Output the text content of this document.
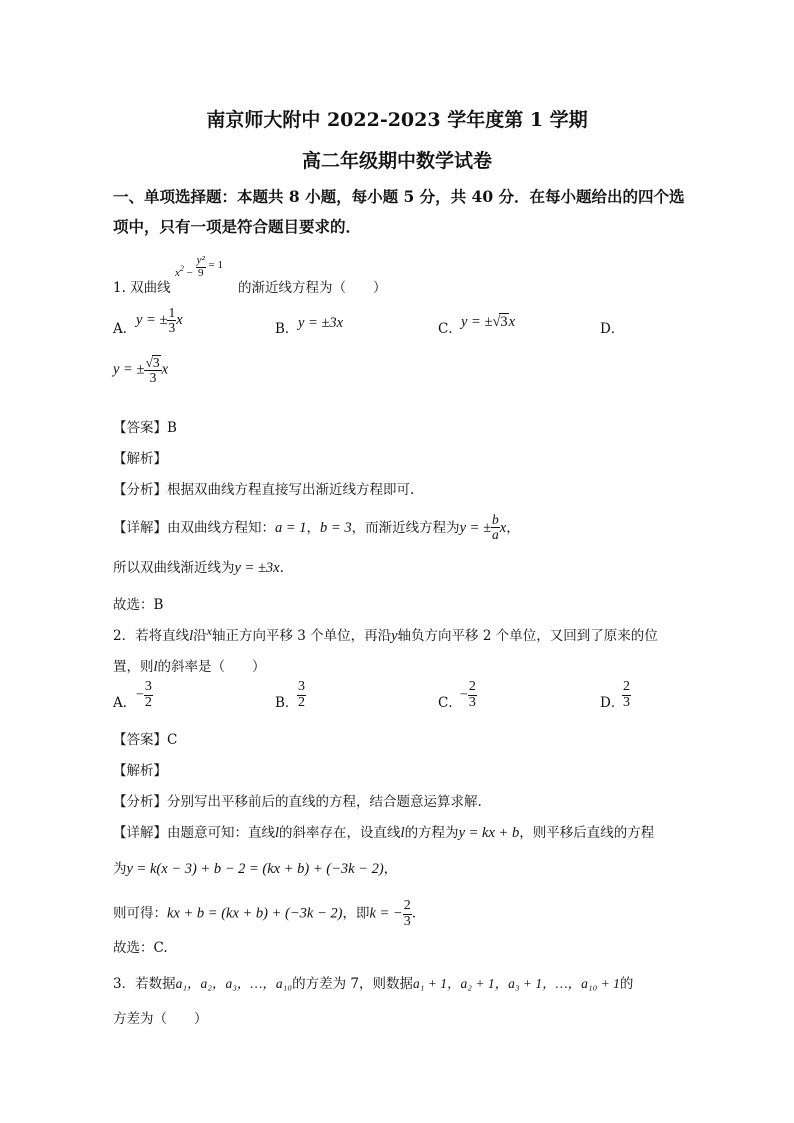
南京师大附中 2022-2023 学年度第 1 学期
高二年级期中数学试卷
一、单项选择题：本题共 8 小题，每小题 5 分，共 40 分．在每小题给出的四个选
项中，只有一项是符合题目要求的．
1. 双曲线
$x^2 - \frac{\text{y²}}{9} = 1$
的渐近线方程为（　　）
A．
y = ± $\frac{1}{3}$ x
B． y = ±3x	C． y = ±√3x	D．
y = ± $\frac{√3}{3}$ x
【答案】B
【解析】
【分析】根据双曲线方程直接写出渐近线方程即可.
【详解】由双曲线方程知：a = 1，b = 3，而渐近线方程为y = ± $\frac{b}{a}$ x，
所以双曲线渐近线为y = ±3x.
故选：B
2．若将直线l沿x轴正方向平移 3 个单位，再沿y轴负方向平移 2 个单位，又回到了原来的位
置，则l的斜率是（　　）
A．
− $\frac{3}{2}$	B．
$\frac{3}{2}$	C．
− $\frac{2}{3}$	D．
$\frac{2}{3}$
【答案】C
【解析】
【分析】分别写出平移前后的直线的方程，结合题意运算求解.
【详解】由题意可知：直线l的斜率存在，设直线l的方程为y = kx + b，则平移后直线的方程
为y = k(x − 3) + b − 2 = (kx + b) + (−3k − 2)，
则可得：kx + b = (kx + b) + (−3k − 2)，即k = − $\frac{2}{3}$ .
故选：C.
3．若数据a₁，a₂，a₃，…，a₁₀的方差为 7，则数据a₁ + 1，a₂ + 1，a₃ + 1，…，a₁₀ + 1的
方差为（　　）
